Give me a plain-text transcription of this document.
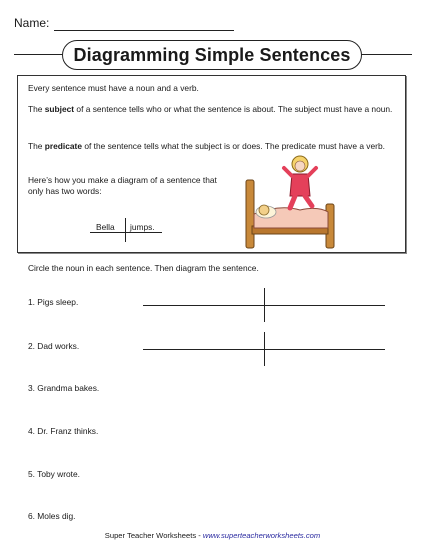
Name:
Diagramming Simple Sentences
Every sentence must have a noun and a verb.
The subject of a sentence tells who or what the sentence is about. The subject must have a noun.
The predicate of the sentence tells what the subject is or does. The predicate must have a verb.
Here’s how you make a diagram of a sentence that only has two words:
Bella jumps.
Circle the noun in each sentence. Then diagram the sentence.
1. Pigs sleep.
2. Dad works.
3. Grandma bakes.
4. Dr. Franz thinks.
5. Toby wrote.
6. Moles dig.
Super Teacher Worksheets - www.superteacherworksheets.com
